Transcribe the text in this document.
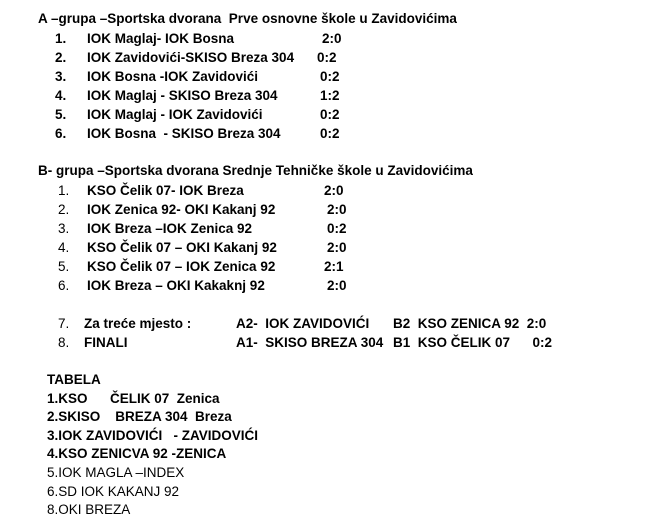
A –grupa –Sportska dvorana  Prve osnovne škole u Zavidovićima
1. IOK Maglaj- IOK Bosna	2:0
2. IOK Zavidovići-SKISO Breza 304 0:2
3. IOK Bosna -IOK Zavidovići	0:2
4. IOK Maglaj - SKISO Breza 304	1:2
5. IOK Maglaj - IOK Zavidovići	0:2
6. IOK Bosna  - SKISO Breza 304	0:2
B- grupa –Sportska dvorana Srednje Tehničke škole u Zavidovićima
1. KSO Čelik 07- IOK Breza	2:0
2. IOK Zenica 92- OKI Kakanj 92	2:0
3. IOK Breza –IOK Zenica 92	0:2
4. KSO Čelik 07 – OKI Kakanj 92	2:0
5. KSO Čelik 07 – IOK Zenica 92	2:1
6. IOK Breza – OKI Kakaknj 92	2:0
7. Za treće mjesto :	A2-  IOK ZAVIDOVIĆI B2  KSO ZENICA 92  2:0
8. FINALI	A1-  SKISO BREZA 304 B1  KSO ČELIK 07      0:2
TABELA
1.KSO      ČELIK 07  Zenica
2.SKISO    BREZA 304  Breza
3.IOK ZAVIDOVIĆI   - ZAVIDOVIĆI
4.KSO ZENICVA 92 -ZENICA
5.IOK MAGLA –INDEX
6.SD IOK KAKANJ 92
8.OKI BREZA
